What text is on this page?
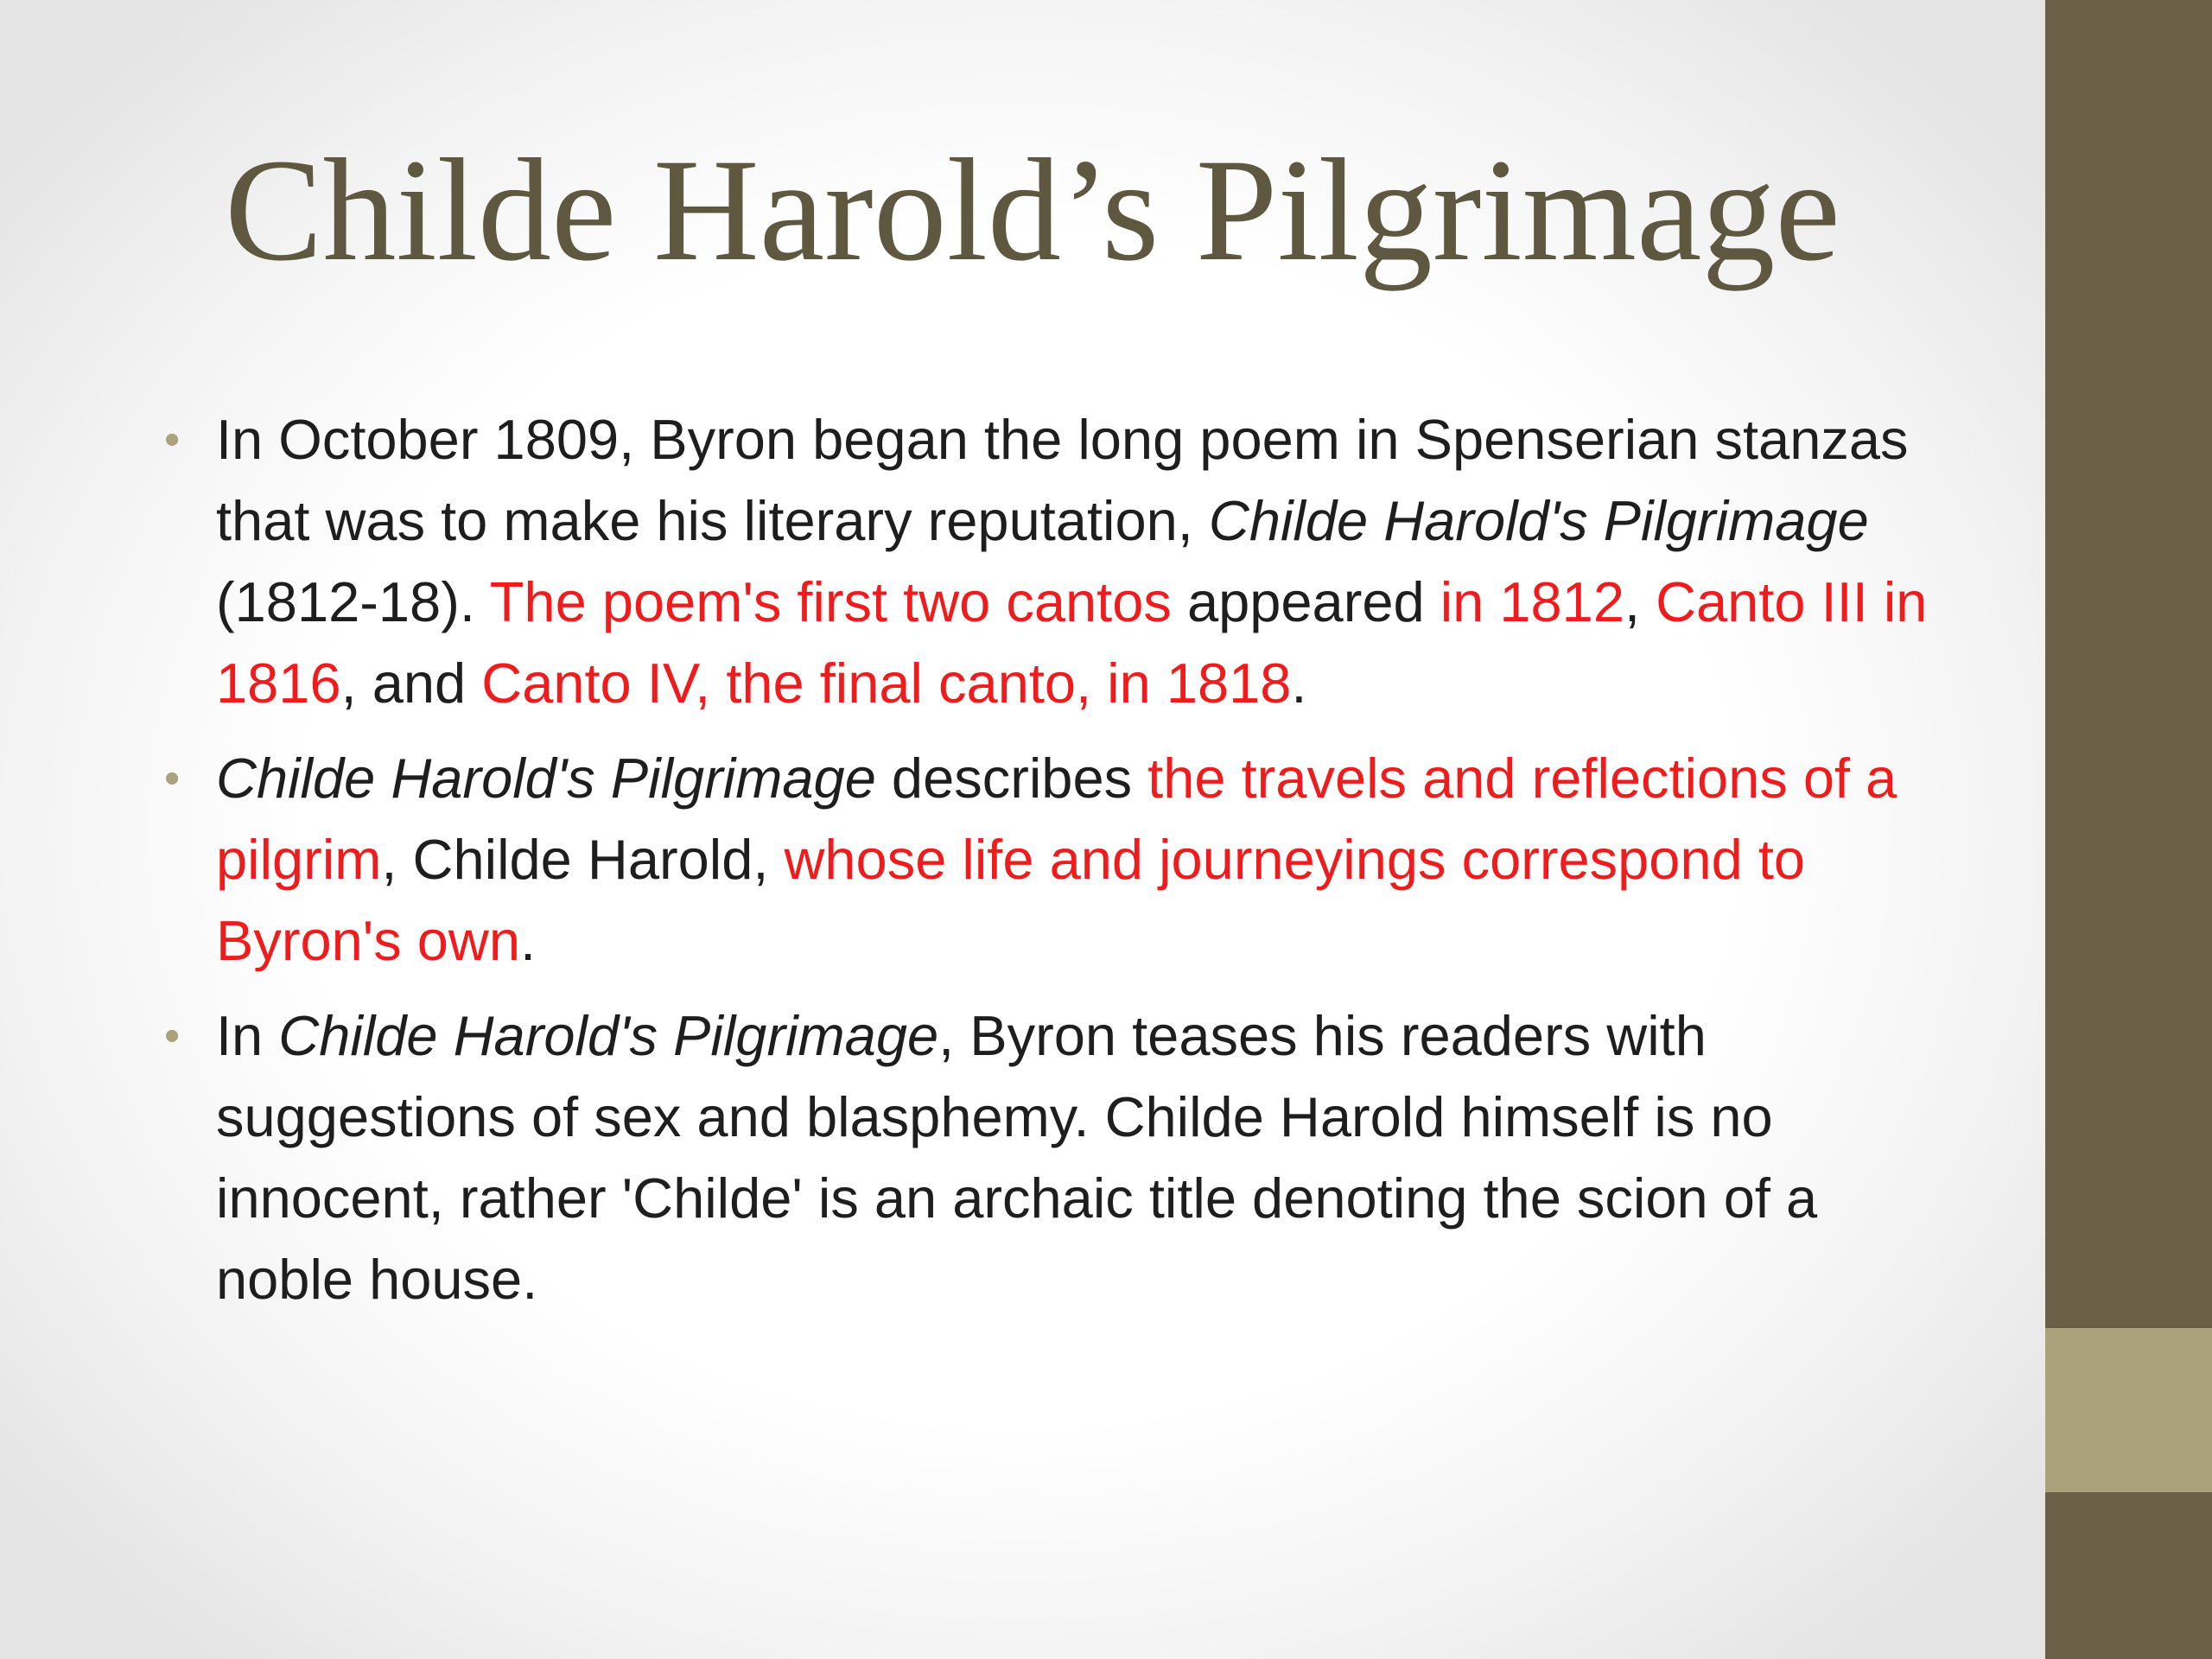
Childe Harold’s Pilgrimage
• In October 1809, Byron began the long poem in Spenserian stanzas that was to make his literary reputation, Childe Harold's Pilgrimage (1812-18). The poem's first two cantos appeared in 1812, Canto III in 1816, and Canto IV, the final canto, in 1818.
• Childe Harold's Pilgrimage describes the travels and reflections of a pilgrim, Childe Harold, whose life and journeyings correspond to Byron's own.
• In Childe Harold's Pilgrimage, Byron teases his readers with suggestions of sex and blasphemy. Childe Harold himself is no innocent, rather 'Childe' is an archaic title denoting the scion of a noble house.
